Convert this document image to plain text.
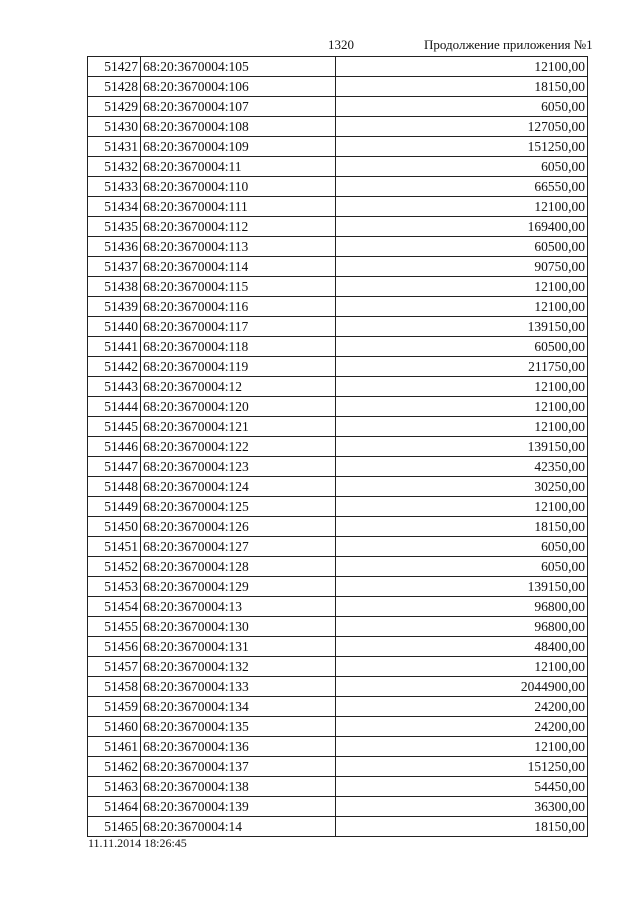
1320	Продолжение приложения №1
51427	68:20:3670004:105	12100,00
51428	68:20:3670004:106	18150,00
51429	68:20:3670004:107	6050,00
51430	68:20:3670004:108	127050,00
51431	68:20:3670004:109	151250,00
51432	68:20:3670004:11	6050,00
51433	68:20:3670004:110	66550,00
51434	68:20:3670004:111	12100,00
51435	68:20:3670004:112	169400,00
51436	68:20:3670004:113	60500,00
51437	68:20:3670004:114	90750,00
51438	68:20:3670004:115	12100,00
51439	68:20:3670004:116	12100,00
51440	68:20:3670004:117	139150,00
51441	68:20:3670004:118	60500,00
51442	68:20:3670004:119	211750,00
51443	68:20:3670004:12	12100,00
51444	68:20:3670004:120	12100,00
51445	68:20:3670004:121	12100,00
51446	68:20:3670004:122	139150,00
51447	68:20:3670004:123	42350,00
51448	68:20:3670004:124	30250,00
51449	68:20:3670004:125	12100,00
51450	68:20:3670004:126	18150,00
51451	68:20:3670004:127	6050,00
51452	68:20:3670004:128	6050,00
51453	68:20:3670004:129	139150,00
51454	68:20:3670004:13	96800,00
51455	68:20:3670004:130	96800,00
51456	68:20:3670004:131	48400,00
51457	68:20:3670004:132	12100,00
51458	68:20:3670004:133	2044900,00
51459	68:20:3670004:134	24200,00
51460	68:20:3670004:135	24200,00
51461	68:20:3670004:136	12100,00
51462	68:20:3670004:137	151250,00
51463	68:20:3670004:138	54450,00
51464	68:20:3670004:139	36300,00
51465	68:20:3670004:14	18150,00
11.11.2014 18:26:45
